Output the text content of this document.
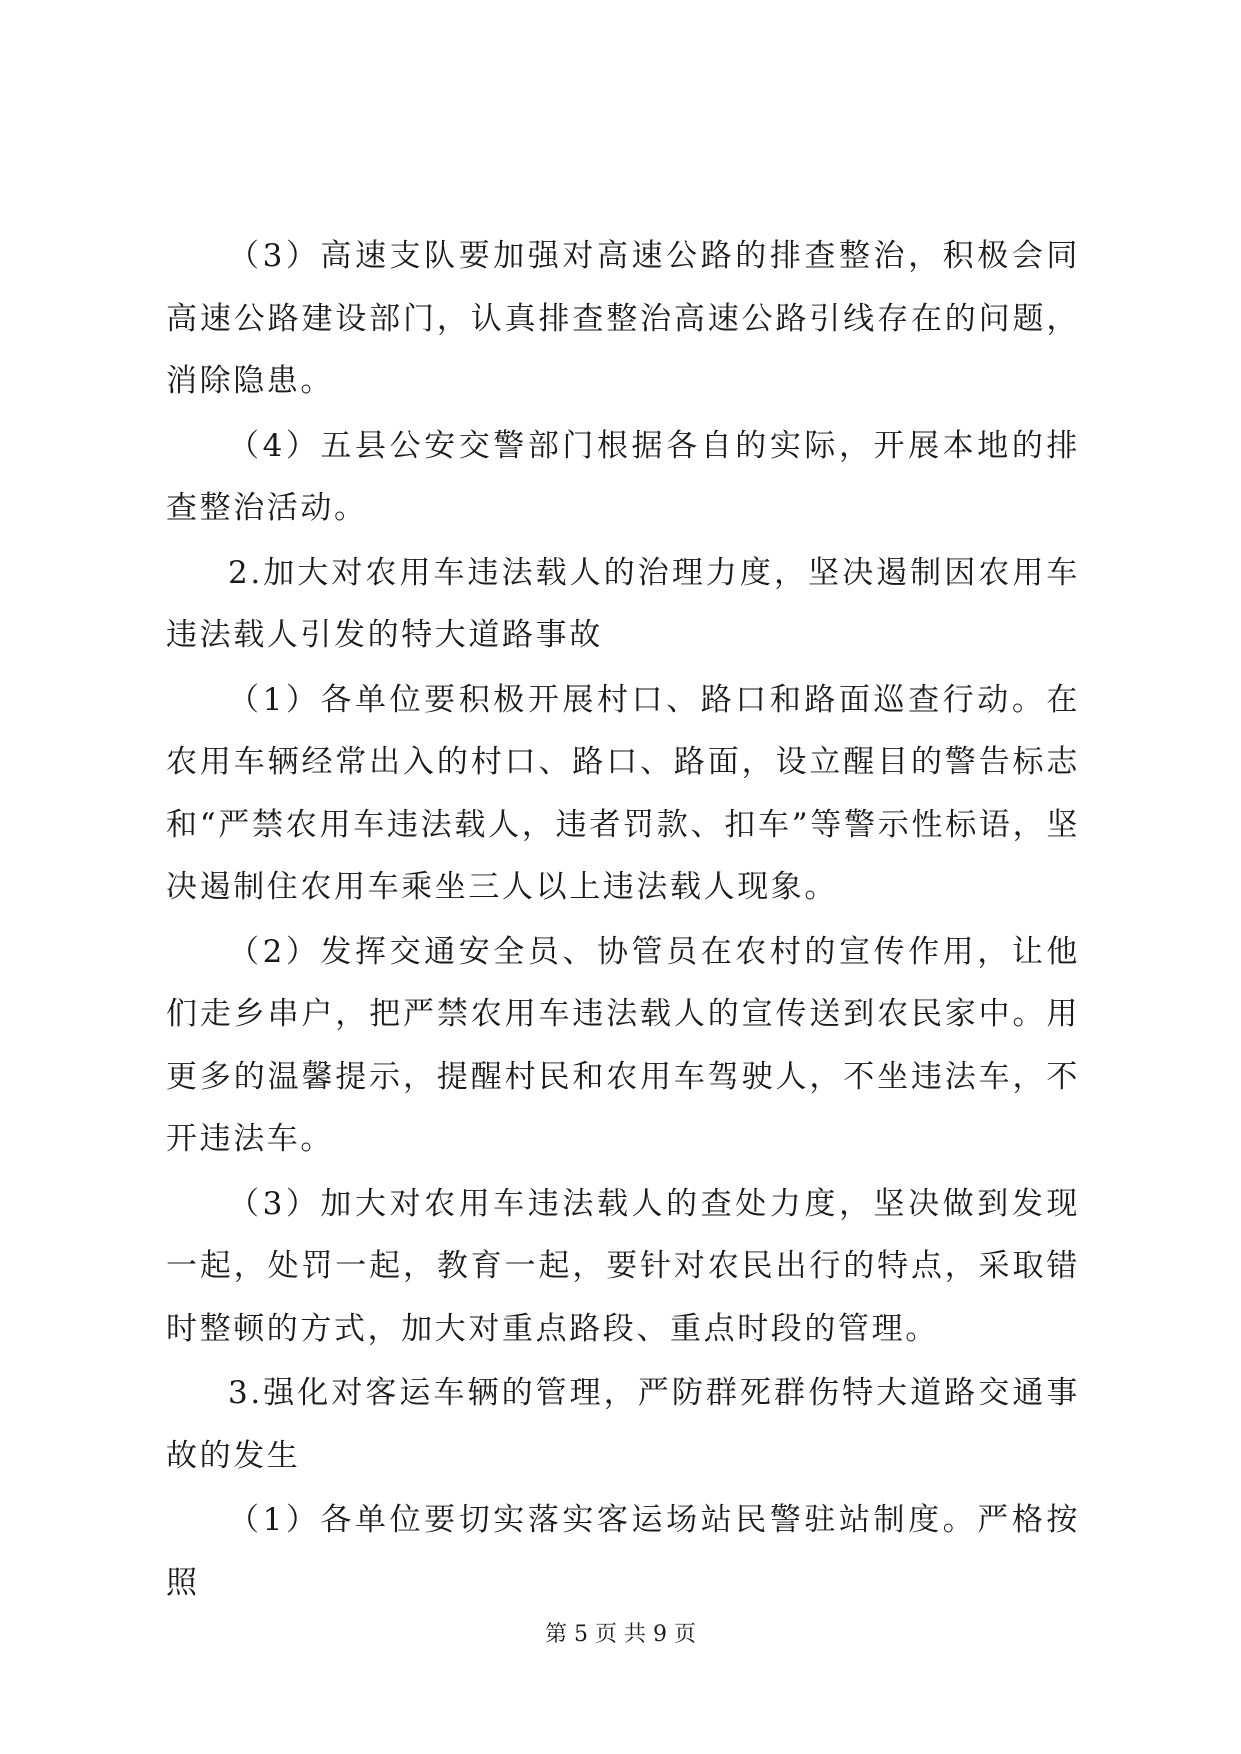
（3）高速支队要加强对高速公路的排查整治，积极会同高速公路建设部门，认真排查整治高速公路引线存在的问题，消除隐患。

（4）五县公安交警部门根据各自的实际，开展本地的排查整治活动。

2.加大对农用车违法载人的治理力度，坚决遏制因农用车违法载人引发的特大道路事故

（1）各单位要积极开展村口、路口和路面巡查行动。在农用车辆经常出入的村口、路口、路面，设立醒目的警告标志和“严禁农用车违法载人，违者罚款、扣车”等警示性标语，坚决遏制住农用车乘坐三人以上违法载人现象。

（2）发挥交通安全员、协管员在农村的宣传作用，让他们走乡串户，把严禁农用车违法载人的宣传送到农民家中。用更多的温馨提示，提醒村民和农用车驾驶人，不坐违法车，不开违法车。

（3）加大对农用车违法载人的查处力度，坚决做到发现一起，处罚一起，教育一起，要针对农民出行的特点，采取错时整顿的方式，加大对重点路段、重点时段的管理。

3.强化对客运车辆的管理，严防群死群伤特大道路交通事故的发生

（1）各单位要切实落实客运场站民警驻站制度。严格按照

第 5 页 共 9 页
